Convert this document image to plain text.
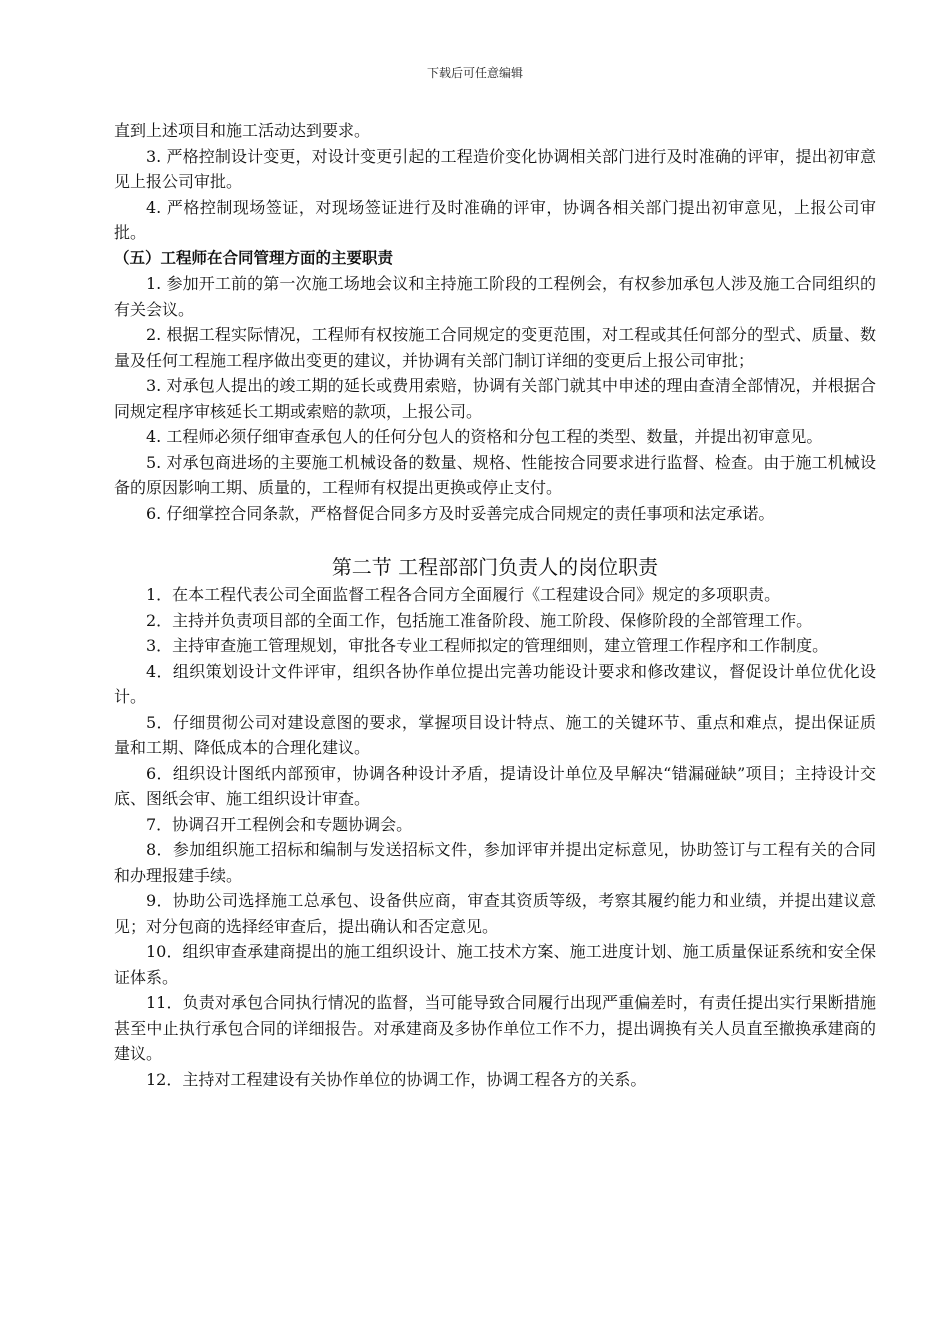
下载后可任意编辑

直到上述项目和施工活动达到要求。

3. 严格控制设计变更，对设计变更引起的工程造价变化协调相关部门进行及时准确的评审，提出初审意见上报公司审批。

4. 严格控制现场签证，对现场签证进行及时准确的评审，协调各相关部门提出初审意见，上报公司审批。

（五）工程师在合同管理方面的主要职责

1. 参加开工前的第一次施工场地会议和主持施工阶段的工程例会，有权参加承包人涉及施工合同组织的有关会议。

2. 根据工程实际情况，工程师有权按施工合同规定的变更范围，对工程或其任何部分的型式、质量、数量及任何工程施工程序做出变更的建议，并协调有关部门制订详细的变更后上报公司审批；

3. 对承包人提出的竣工期的延长或费用索赔，协调有关部门就其中申述的理由查清全部情况，并根据合同规定程序审核延长工期或索赔的款项，上报公司。

4. 工程师必须仔细审查承包人的任何分包人的资格和分包工程的类型、数量，并提出初审意见。

5. 对承包商进场的主要施工机械设备的数量、规格、性能按合同要求进行监督、检查。由于施工机械设备的原因影响工期、质量的，工程师有权提出更换或停止支付。

6. 仔细掌控合同条款，严格督促合同多方及时妥善完成合同规定的责任事项和法定承诺。

第二节 工程部部门负责人的岗位职责

1．在本工程代表公司全面监督工程各合同方全面履行《工程建设合同》规定的多项职责。

2．主持并负责项目部的全面工作，包括施工准备阶段、施工阶段、保修阶段的全部管理工作。

3．主持审查施工管理规划，审批各专业工程师拟定的管理细则，建立管理工作程序和工作制度。

4．组织策划设计文件评审，组织各协作单位提出完善功能设计要求和修改建议，督促设计单位优化设计。

5．仔细贯彻公司对建设意图的要求，掌握项目设计特点、施工的关键环节、重点和难点，提出保证质量和工期、降低成本的合理化建议。

6．组织设计图纸内部预审，协调各种设计矛盾，提请设计单位及早解决“错漏碰缺”项目；主持设计交底、图纸会审、施工组织设计审查。

7．协调召开工程例会和专题协调会。

8．参加组织施工招标和编制与发送招标文件，参加评审并提出定标意见，协助签订与工程有关的合同和办理报建手续。

9．协助公司选择施工总承包、设备供应商，审查其资质等级，考察其履约能力和业绩，并提出建议意见；对分包商的选择经审查后，提出确认和否定意见。

10．组织审查承建商提出的施工组织设计、施工技术方案、施工进度计划、施工质量保证系统和安全保证体系。

11．负责对承包合同执行情况的监督，当可能导致合同履行出现严重偏差时，有责任提出实行果断措施甚至中止执行承包合同的详细报告。对承建商及多协作单位工作不力，提出调换有关人员直至撤换承建商的建议。

12．主持对工程建设有关协作单位的协调工作，协调工程各方的关系。
